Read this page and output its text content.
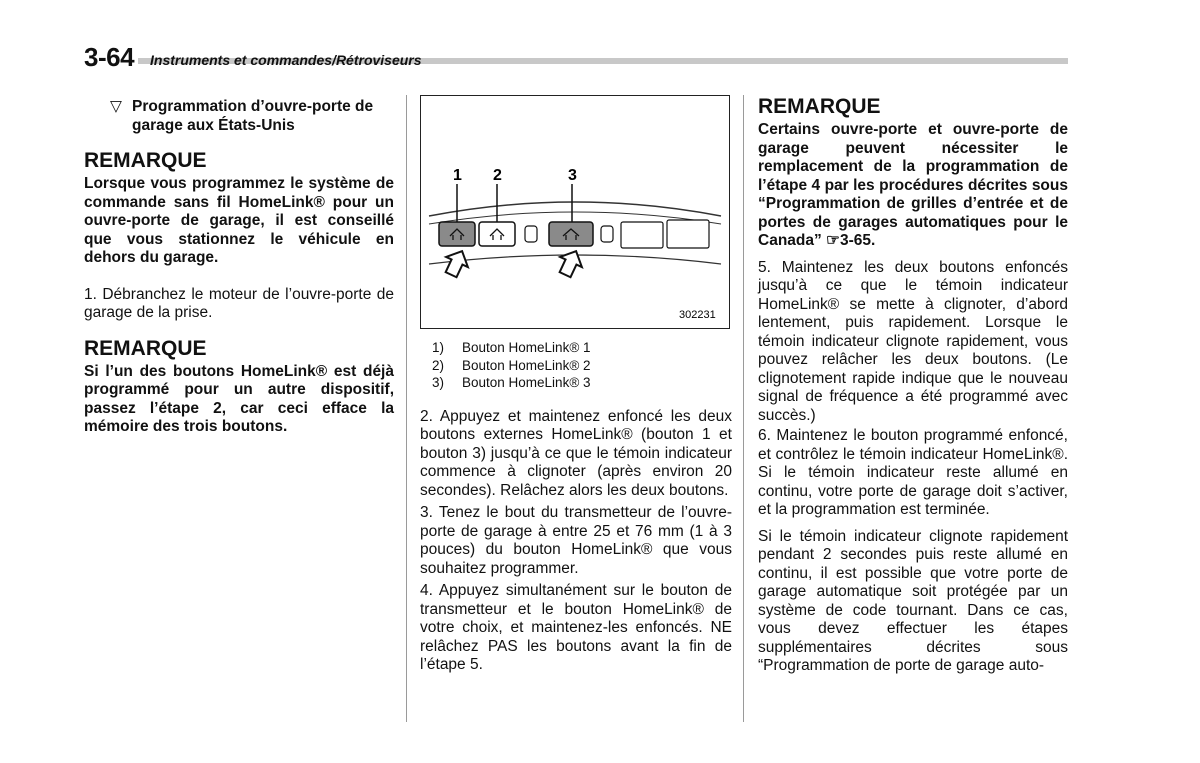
3-64 Instruments et commandes/Rétroviseurs
▽ Programmation d’ouvre-porte de garage aux États-Unis
REMARQUE

Lorsque vous programmez le système de commande sans fil HomeLink® pour un ouvre-porte de garage, il est conseillé que vous stationnez le véhicule en dehors du garage.

1. Débranchez le moteur de l’ouvre-porte de garage de la prise.

REMARQUE

Si l’un des boutons HomeLink® est déjà programmé pour un autre dispositif, passez l’étape 2, car ceci efface la mémoire des trois boutons.

1 2	3
302231
1)	Bouton HomeLink® 1
2)	Bouton HomeLink® 2
3)	Bouton HomeLink® 3

2. Appuyez et maintenez enfoncé les deux boutons externes HomeLink® (bouton 1 et bouton 3) jusqu’à ce que le témoin indicateur commence à clignoter (après environ 20 secondes). Relâchez alors les deux boutons.

3. Tenez le bout du transmetteur de l’ouvre-porte de garage à entre 25 et 76 mm (1 à 3 pouces) du bouton HomeLink® que vous souhaitez programmer.

4. Appuyez simultanément sur le bouton de transmetteur et le bouton HomeLink® de votre choix, et maintenez-les enfoncés. NE relâchez PAS les boutons avant la fin de l’étape 5.

REMARQUE

Certains ouvre-porte et ouvre-porte de garage peuvent nécessiter le remplacement de la programmation de l’étape 4 par les procédures décrites sous “Programmation de grilles d’entrée et de portes de garages automatiques pour le Canada” ☞3-65.

5. Maintenez les deux boutons enfoncés jusqu’à ce que le témoin indicateur HomeLink® se mette à clignoter, d’abord lentement, puis rapidement. Lorsque le témoin indicateur clignote rapidement, vous pouvez relâcher les deux boutons. (Le clignotement rapide indique que le nouveau signal de fréquence a été programmé avec succès.)

6. Maintenez le bouton programmé enfoncé, et contrôlez le témoin indicateur HomeLink®. Si le témoin indicateur reste allumé en continu, votre porte de garage doit s’activer, et la programmation est terminée.

Si le témoin indicateur clignote rapidement pendant 2 secondes puis reste allumé en continu, il est possible que votre porte de garage automatique soit protégée par un système de code tournant. Dans ce cas, vous devez effectuer les étapes supplémentaires décrites sous “Programmation de porte de garage auto-
